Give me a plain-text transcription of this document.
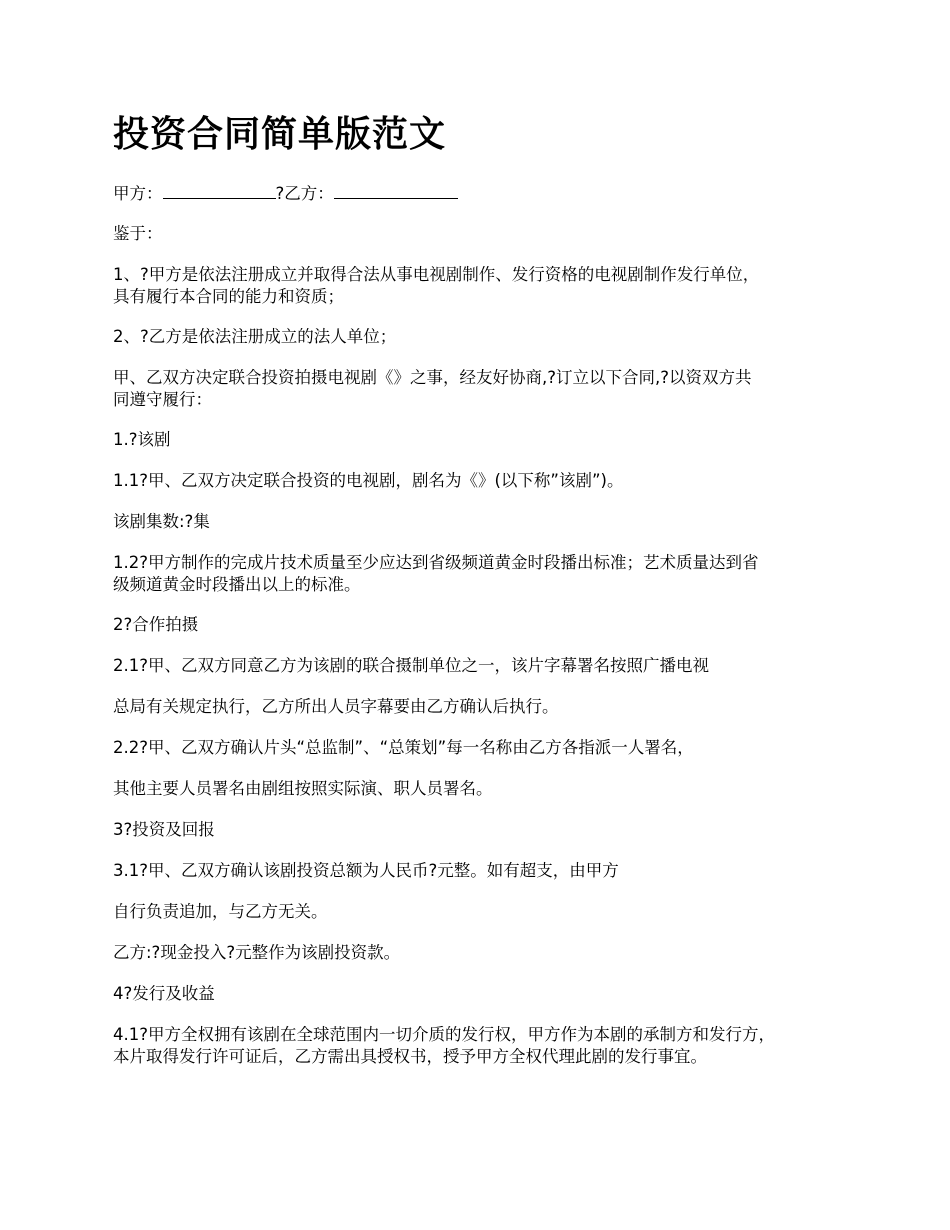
投资合同简单版范文

甲方：	?乙方：

鉴于：

1、?甲方是依法注册成立并取得合法从事电视剧制作、发行资格的电视剧制作发行单位，

具有履行本合同的能力和资质；

2、?乙方是依法注册成立的法人单位；

甲、乙双方决定联合投资拍摄电视剧《》之事，经友好协商,?订立以下合同,?以资双方共

同遵守履行：

1.?该剧

1.1?甲、乙双方决定联合投资的电视剧，剧名为《》(以下称”该剧”)。

该剧集数:?集

1.2?甲方制作的完成片技术质量至少应达到省级频道黄金时段播出标准；艺术质量达到省

级频道黄金时段播出以上的标准。

2?合作拍摄

2.1?甲、乙双方同意乙方为该剧的联合摄制单位之一，该片字幕署名按照广播电视

总局有关规定执行，乙方所出人员字幕要由乙方确认后执行。

2.2?甲、乙双方确认片头“总监制”、“总策划”每一名称由乙方各指派一人署名，

其他主要人员署名由剧组按照实际演、职人员署名。

3?投资及回报

3.1?甲、乙双方确认该剧投资总额为人民币?元整。如有超支，由甲方

自行负责追加，与乙方无关。

乙方:?现金投入?元整作为该剧投资款。

4?发行及收益

4.1?甲方全权拥有该剧在全球范围内一切介质的发行权，甲方作为本剧的承制方和发行方，

本片取得发行许可证后，乙方需出具授权书，授予甲方全权代理此剧的发行事宜。
